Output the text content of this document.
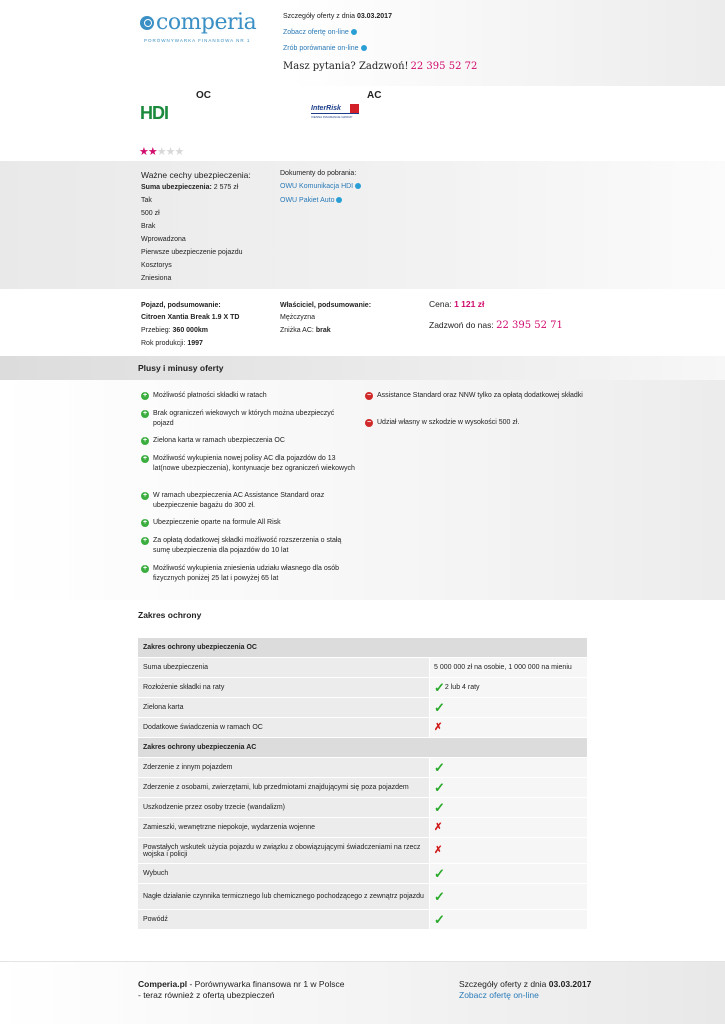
comperia
PORÓWNYWARKA FINANSOWA NR 1
Szczegóły oferty z dnia 03.03.2017
Zobacz ofertę on-line
Zrób porównanie on-line
Masz pytania? Zadzwoń! 22 395 52 72
OC	AC
HDI	InterRisk
VIENNA INSURANCE GROUP
★★★★★
Ważne cechy ubezpieczenia:
Suma ubezpieczenia: 2 575 zł
Tak
500 zł
Brak
Wprowadzona
Pierwsze ubezpieczenie pojazdu
Kosztorys
Zniesiona
Dokumenty do pobrania:
OWU Komunikacja HDI
OWU Pakiet Auto
Pojazd, podsumowanie:
Citroen Xantia Break 1.9 X TD
Przebieg: 360 000km
Rok produkcji: 1997
Właściciel, podsumowanie:
Mężczyzna
Zniżka AC: brak
Cena: 1 121 zł
Zadzwoń do nas: 22 395 52 71
Plusy i minusy oferty
+ Możliwość płatności składki w ratach
+ Brak ograniczeń wiekowych w których można ubezpieczyć pojazd
+ Zielona karta w ramach ubezpieczenia OC
+ Możliwość wykupienia nowej polisy AC dla pojazdów do 13 lat(nowe ubezpieczenia), kontynuacje bez ograniczeń wiekowych
+ W ramach ubezpieczenia AC Assistance Standard oraz ubezpieczenie bagażu do 300 zł.
+ Ubezpieczenie oparte na formule All Risk
+ Za opłatą dodatkowej składki możliwość rozszerzenia o stałą sumę ubezpieczenia dla pojazdów do 10 lat
+ Możliwość wykupienia zniesienia udziału własnego dla osób fizycznych poniżej 25 lat i powyżej 65 lat
− Assistance Standard oraz NNW tylko za opłatą dodatkowej składki
− Udział własny w szkodzie w wysokości 500 zł.
Zakres ochrony
Zakres ochrony ubezpieczenia OC
Suma ubezpieczenia	5 000 000 zł na osobie, 1 000 000 na mieniu
Rozłożenie składki na raty	✓ 2 lub 4 raty
Zielona karta	✓
Dodatkowe świadczenia w ramach OC	✗
Zakres ochrony ubezpieczenia AC
Zderzenie z innym pojazdem	✓
Zderzenie z osobami, zwierzętami, lub przedmiotami znajdującymi się poza pojazdem	✓
Uszkodzenie przez osoby trzecie (wandalizm)	✓
Zamieszki, wewnętrzne niepokoje, wydarzenia wojenne	✗
Powstałych wskutek użycia pojazdu w związku z obowiązującymi świadczeniami na rzecz wojska i policji	✗
Wybuch	✓
Nagłe działanie czynnika termicznego lub chemicznego pochodzącego z zewnątrz pojazdu ✓
Powódź	✓
Comperia.pl - Porównywarka finansowa nr 1 w Polsce
- teraz również z ofertą ubezpieczeń
Szczegóły oferty z dnia 03.03.2017
Zobacz ofertę on-line
